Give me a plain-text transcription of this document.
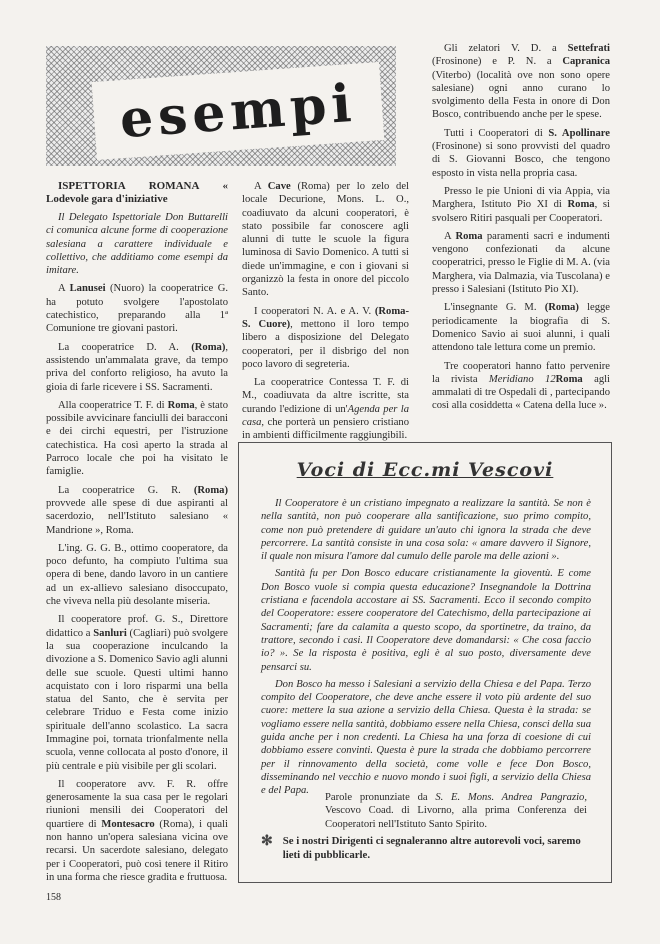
esempi

ISPETTORIA ROMANA « Lodevole gara d'iniziative

Il Delegato Ispettoriale Don Buttarelli ci comunica alcune forme di cooperazione salesiana a carattere individuale e collettivo, che additiamo come esempi da imitare.

A Lanusei (Nuoro) la cooperatrice G. ha potuto svolgere l'apostolato catechistico, preparando alla 1ª Comunione tre giovani pastori.

La cooperatrice D. A. (Roma), assistendo un'ammalata grave, da tempo priva del conforto religioso, ha avuto la gioia di farle ricevere i SS. Sacramenti.

Alla cooperatrice T. F. di Roma, è stato possibile avvicinare fanciulli dei baracconi e dei circhi equestri, per l'istruzione catechistica. Ha così aperto la strada al Parroco locale che poi ha visitato le famiglie.

La cooperatrice G. R. (Roma) provvede alle spese di due aspiranti al sacerdozio, nell'Istituto salesiano « Mandrione », Roma.

L'ing. G. G. B., ottimo cooperatore, da poco defunto, ha compiuto l'ultima sua opera di bene, dando lavoro in un cantiere ad un ex-allievo salesiano disoccupato, che viveva nella più desolante miseria.

Il cooperatore prof. G. S., Direttore didattico a Sanluri (Cagliari) può svolgere la sua cooperazione inculcando la divozione a S. Domenico Savio agli alunni delle sue scuole. Questi ultimi hanno acquistato con i loro risparmi una bella statua del Santo, che è servita per celebrare Triduo e Festa come inizio spirituale dell'anno scolastico. La sacra Immagine poi, tornata trionfalmente nella scuola, venne collocata al posto d'onore, il più centrale e più visibile per gli scolari.

Il cooperatore avv. F. R. offre generosamente la sua casa per le regolari riunioni mensili dei Cooperatori del quartiere di Montesacro (Roma), i quali non hanno un'opera salesiana vicina ove recarsi. Un sacerdote salesiano, delegato per i Cooperatori, può così tenere il Ritiro in una forma che riesce gradita e fruttuosa.

A Cave (Roma) per lo zelo del locale Decurione, Mons. L. O., coadiuvato da alcuni cooperatori, è stato possibile far conoscere agli alunni di tutte le scuole la figura luminosa di Savio Domenico. A tutti si diede un'immagine, e con i giovani si organizzò la festa in onore del piccolo Santo.

I cooperatori N. A. e A. V. (Roma-S. Cuore), mettono il loro tempo libero a disposizione del Delegato cooperatori, per il disbrigo del non poco lavoro di segreteria.

La cooperatrice Contessa T. F. di M., coadiuvata da altre iscritte, sta curando l'edizione di un'Agenda per la casa, che porterà un pensiero cristiano in ambienti difficilmente raggiungibili.

Gli zelatori V. D. a Settefrati (Frosinone) e P. N. a Capranica (Viterbo) (località ove non sono opere salesiane) ogni anno curano lo svolgimento della Festa in onore di Don Bosco, contribuendo anche per le spese.

Tutti i Cooperatori di S. Apollinare (Frosinone) si sono provvisti del quadro di S. Giovanni Bosco, che tengono esposto in vista nella propria casa.

Presso le pie Unioni di via Appia, via Marghera, Istituto Pio XI di Roma, si svolsero Ritiri pasquali per Cooperatori.

A Roma paramenti sacri e indumenti vengono confezionati da alcune cooperatrici, presso le Figlie di M. A. (via Marghera, via Dalmazia, via Tuscolana) e presso i Salesiani (Istituto Pio XI).

L'insegnante G. M. (Roma) legge periodicamente la biografia di S. Domenico Savio ai suoi alunni, i quali attendono tale lettura come un premio.

Tre cooperatori hanno fatto pervenire la rivista Meridiano 12Roma agli ammalati di tre Ospedali di , partecipando così alla cosiddetta « Catena della luce ».

Voci di Ecc.mi Vescovi

Il Cooperatore è un cristiano impegnato a realizzare la santità. Se non è nella santità, non può cooperare alla santificazione, suo primo compito, come non può pretendere di guidare un'auto chi ignora la strada che deve percorrere. La santità consiste in una cosa sola: « amare davvero il Signore, il quale non misura l'amore dal cumulo delle parole ma delle azioni ».

Santità fu per Don Bosco educare cristianamente la gioventù. E come Don Bosco vuole si compia questa educazione? Insegnandole la Dottrina cristiana e facendola accostare ai SS. Sacramenti. Ecco il secondo compito del Cooperatore: essere cooperatore del Catechismo, della partecipazione ai Sacramenti; fare da calamita a questo scopo, da sportinetre, da traino, da trattore, secondo i casi. Il Cooperatore deve domandarsi: « Che cosa faccio io? ». Se la risposta è positiva, egli è al suo posto, diversamente deve pensarci su.

Don Bosco ha messo i Salesiani a servizio della Chiesa e del Papa. Terzo compito del Cooperatore, che deve anche essere il voto più ardente del suo cuore: mettere la sua azione a servizio della Chiesa. Questa è la strada: se vogliamo essere nella santità, dobbiamo essere nella Chiesa, consci della sua guida anche per i non credenti. La Chiesa ha una forza di coesione di cui dobbiamo essere convinti. Questa è pure la strada che dobbiamo percorrere per il rinnovamento della società, come volle e fece Don Bosco, disseminando nel vecchio e nuovo mondo i suoi figli, a servizio della Chiesa e del Papa.

Parole pronunziate da S. E. Mons. Andrea Pangrazio, Vescovo Coad. di Livorno, alla prima Conferenza dei Cooperatori nell'Istituto Santo Spirito.
✻ Se i nostri Dirigenti ci segnaleranno altre autorevoli voci, saremo lieti di pubblicarle.
158
